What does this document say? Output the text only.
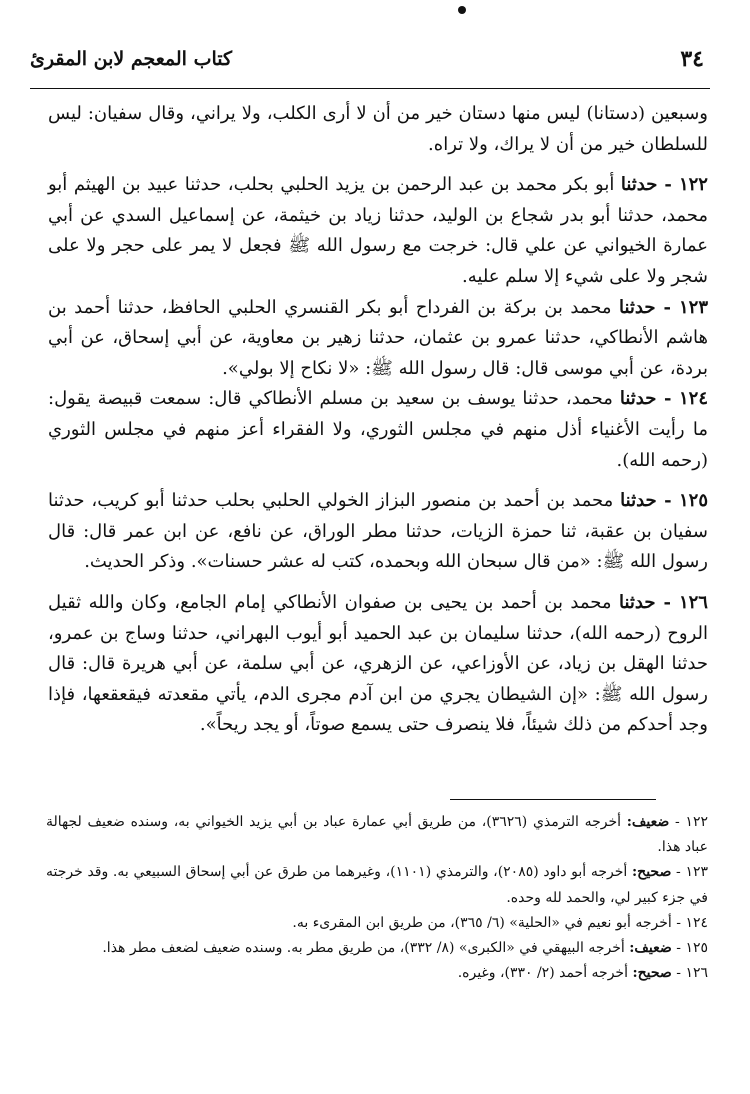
٣٤
كتاب المعجم لابن المقرئ

وسبعين (دستانا) ليس منها دستان خير من أن لا أرى الكلب، ولا يراني، وقال سفيان: ليس للسلطان خير من أن لا يراك، ولا تراه.

١٢٢ - حدثنا أبو بكر محمد بن عبد الرحمن بن يزيد الحلبي بحلب، حدثنا عبيد بن الهيثم أبو محمد، حدثنا أبو بدر شجاع بن الوليد، حدثنا زياد بن خيثمة، عن إسماعيل السدي عن أبي عمارة الخيواني عن علي قال: خرجت مع رسول الله ﷺ فجعل لا يمر على حجر ولا على شجر ولا على شيء إلا سلم عليه.

١٢٣ - حدثنا محمد بن بركة بن الفرداح أبو بكر القنسري الحلبي الحافظ، حدثنا أحمد بن هاشم الأنطاكي، حدثنا عمرو بن عثمان، حدثنا زهير بن معاوية، عن أبي إسحاق، عن أبي بردة، عن أبي موسى قال: قال رسول الله ﷺ: «لا نكاح إلا بولي».

١٢٤ - حدثنا محمد، حدثنا يوسف بن سعيد بن مسلم الأنطاكي قال: سمعت قبيصة يقول: ما رأيت الأغنياء أذل منهم في مجلس الثوري، ولا الفقراء أعز منهم في مجلس الثوري (رحمه الله).

١٢٥ - حدثنا محمد بن أحمد بن منصور البزاز الخولي الحلبي بحلب حدثنا أبو كريب، حدثنا سفيان بن عقبة، ثنا حمزة الزيات، حدثنا مطر الوراق، عن نافع، عن ابن عمر قال: قال رسول الله ﷺ: «من قال سبحان الله وبحمده، كتب له عشر حسنات». وذكر الحديث.

١٢٦ - حدثنا محمد بن أحمد بن يحيى بن صفوان الأنطاكي إمام الجامع، وكان والله ثقيل الروح (رحمه الله)، حدثنا سليمان بن عبد الحميد أبو أيوب البهراني، حدثنا وساج بن عمرو، حدثنا الهقل بن زياد، عن الأوزاعي، عن الزهري، عن أبي سلمة، عن أبي هريرة قال: قال رسول الله ﷺ: «إن الشيطان يجري من ابن آدم مجرى الدم، يأتي مقعدته فيقعقعها، فإذا وجد أحدكم من ذلك شيئاً، فلا ينصرف حتى يسمع صوتاً، أو يجد ريحاً».

١٢٢ - ضعيف: أخرجه الترمذي (٣٦٢٦)، من طريق أبي عمارة عباد بن أبي يزيد الخيواني به، وسنده ضعيف لجهالة عباد هذا.

١٢٣ - صحيح: أخرجه أبو داود (٢٠٨٥)، والترمذي (١١٠١)، وغيرهما من طرق عن أبي إسحاق السبيعي به. وقد خرجته في جزء كبير لي، والحمد لله وحده.

١٢٤ - أخرجه أبو نعيم في «الحلية» (٦/ ٣٦٥)، من طريق ابن المقرىء به.

١٢٥ - ضعيف: أخرجه البيهقي في «الكبرى» (٨/ ٣٣٢)، من طريق مطر به. وسنده ضعيف لضعف مطر هذا.

١٢٦ - صحيح: أخرجه أحمد (٢/ ٣٣٠)، وغيره.
